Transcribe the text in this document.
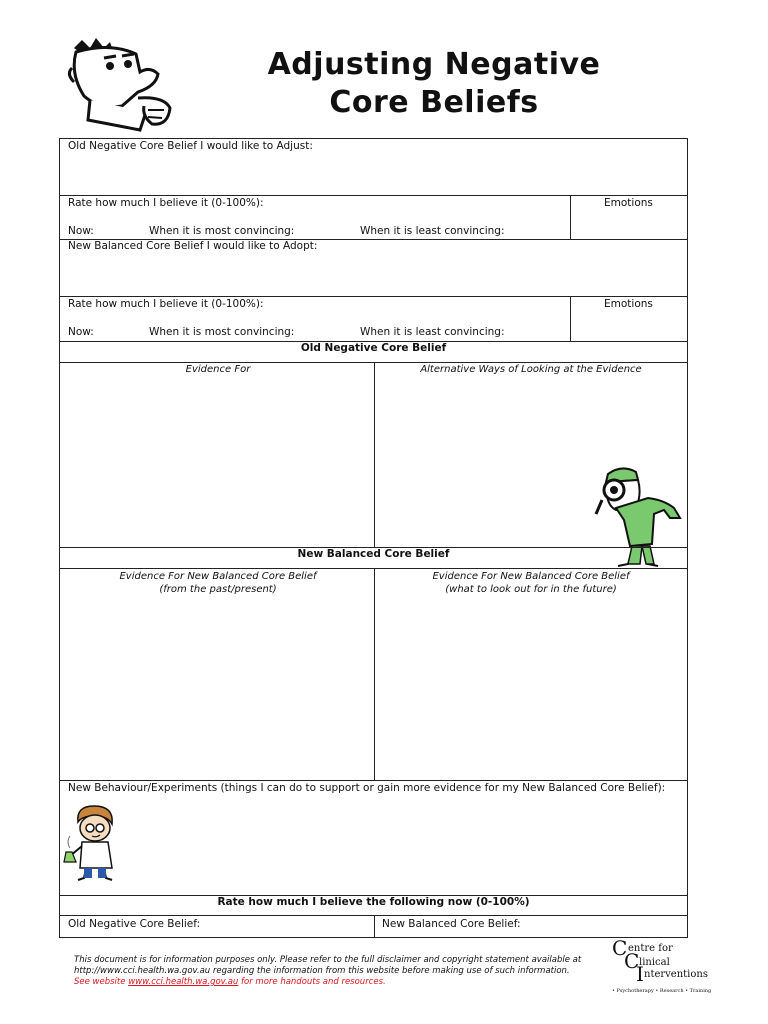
Adjusting Negative
Core Beliefs
Old Negative Core Belief I would like to Adjust:
Rate how much I believe it (0-100%):
Now:	When it is most convincing:	When it is least convincing:
Emotions
New Balanced Core Belief I would like to Adopt:
Rate how much I believe it (0-100%):
Now:	When it is most convincing:	When it is least convincing:
Emotions
Old Negative Core Belief
Evidence For	Alternative Ways of Looking at the Evidence
New Balanced Core Belief
Evidence For New Balanced Core Belief
(from the past/present)
Evidence For New Balanced Core Belief
(what to look out for in the future)
New Behaviour/Experiments (things I can do to support or gain more evidence for my New Balanced Core Belief):
Rate how much I believe the following now (0-100%)
Old Negative Core Belief:	New Balanced Core Belief:
This document is for information purposes only. Please refer to the full disclaimer and copyright statement available at
http://www.cci.health.wa.gov.au regarding the information from this website before making use of such information.
See website www.cci.health.wa.gov.au for more handouts and resources.
C entre for
C linical
I nterventions
• Psychotherapy • Research • Training
